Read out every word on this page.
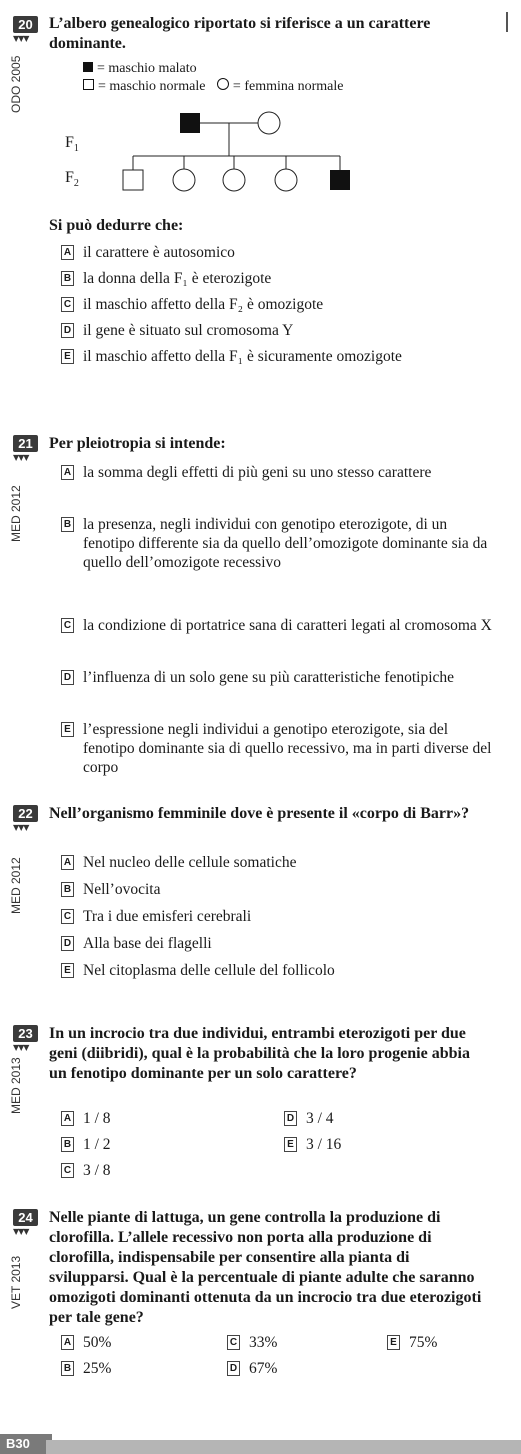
20
▼▼▼
ODO 2005

L’albero genealogico riportato si riferisce a un carattere dominante.

= maschio malato
= maschio normale = femmina normale
$F_1$
$F_2$
Si può dedurre che:
A il carattere è autosomico
B la donna della F₁ è eterozigote
C il maschio affetto della F₂ è omozigote
D il gene è situato sul cromosoma Y
E il maschio affetto della F₁ è sicuramente omozigote
21
▼▼▼
MED 2012

Per pleiotropia si intende:

A la somma degli effetti di più geni su uno stesso carattere
B la presenza, negli individui con genotipo eterozigote, di un fenotipo differente sia da quello dell’omozigote dominante sia da quello dell’omozigote recessivo
C la condizione di portatrice sana di caratteri legati al cromosoma X
D l’influenza di un solo gene su più caratteristiche fenotipiche
E l’espressione negli individui a genotipo eterozigote, sia del fenotipo dominante sia di quello recessivo, ma in parti diverse del corpo
22
▼▼▼
MED 2012

Nell’organismo femminile dove è presente il «corpo di Barr»?

A Nel nucleo delle cellule somatiche
B Nell’ovocita
C Tra i due emisferi cerebrali
D Alla base dei flagelli
E Nel citoplasma delle cellule del follicolo
23
▼▼▼
MED 2013

In un incrocio tra due individui, entrambi eterozigoti per due geni (diibridi), qual è la probabilità che la loro progenie abbia un fenotipo dominante per un solo carattere?

A 1 / 8
B 1 / 2
C 3 / 8
D 3 / 4
E 3 / 16
24
▼▼▼
VET 2013

Nelle piante di lattuga, un gene controlla la produzione di clorofilla. L’allele recessivo non porta alla produzione di clorofilla, indispensabile per consentire alla pianta di svilupparsi. Qual è la percentuale di piante adulte che saranno omozigoti dominanti ottenuta da un incrocio tra due eterozigoti per tale gene?

A 50%
B 25%
C 33%
D 67%
E 75%
B30
